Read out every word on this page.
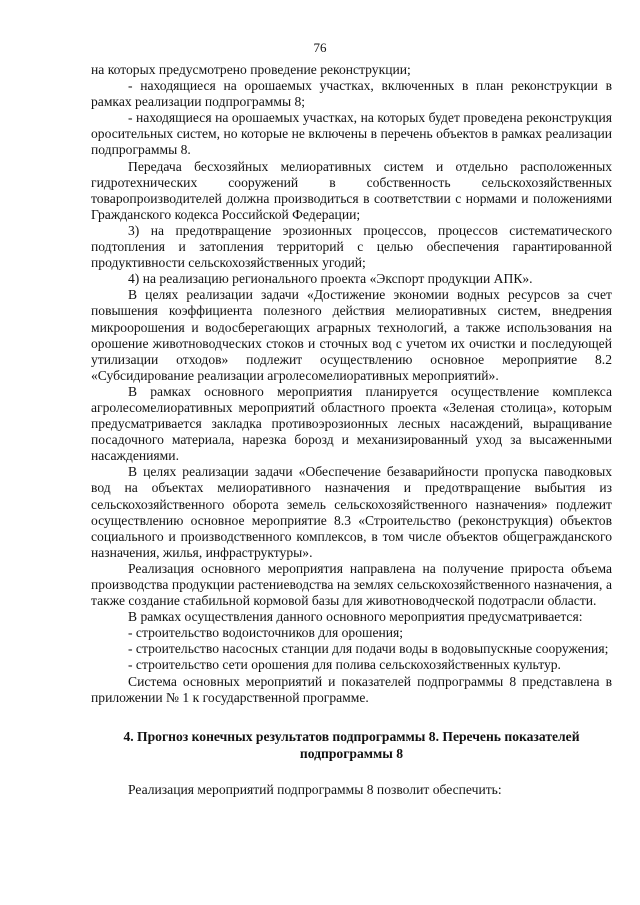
76

на которых предусмотрено проведение реконструкции;

- находящиеся на орошаемых участках, включенных в план реконструкции в рамках реализации подпрограммы 8;

- находящиеся на орошаемых участках, на которых будет проведена реконструкция оросительных систем, но которые не включены в перечень объектов в рамках реализации подпрограммы 8.

Передача бесхозяйных мелиоративных систем и отдельно расположенных гидротехнических сооружений в собственность сельскохозяйственных товаропроизводителей должна производиться в соответствии с нормами и положениями Гражданского кодекса Российской Федерации;

3) на предотвращение эрозионных процессов, процессов систематического подтопления и затопления территорий с целью обеспечения гарантированной продуктивности сельскохозяйственных угодий;

4) на реализацию регионального проекта «Экспорт продукции АПК».

В целях реализации задачи «Достижение экономии водных ресурсов за счет повышения коэффициента полезного действия мелиоративных систем, внедрения микроорошения и водосберегающих аграрных технологий, а также использования на орошение животноводческих стоков и сточных вод с учетом их очистки и последующей утилизации отходов» подлежит осуществлению основное мероприятие 8.2 «Субсидирование реализации агролесомелиоративных мероприятий».

В рамках основного мероприятия планируется осуществление комплекса агролесомелиоративных мероприятий областного проекта «Зеленая столица», которым предусматривается закладка противоэрозионных лесных насаждений, выращивание посадочного материала, нарезка борозд и механизированный уход за высаженными насаждениями.

В целях реализации задачи «Обеспечение безаварийности пропуска паводковых вод на объектах мелиоративного назначения и предотвращение выбытия из сельскохозяйственного оборота земель сельскохозяйственного назначения» подлежит осуществлению основное мероприятие 8.3 «Строительство (реконструкция) объектов социального и производственного комплексов, в том числе объектов общегражданского назначения, жилья, инфраструктуры».

Реализация основного мероприятия направлена на получение прироста объема производства продукции растениеводства на землях сельскохозяйственного назначения, а также создание стабильной кормовой базы для животноводческой подотрасли области.

В рамках осуществления данного основного мероприятия предусматривается:

- строительство водоисточников для орошения;

- строительство насосных станции для подачи воды в водовыпускные сооружения;

- строительство сети орошения для полива сельскохозяйственных культур.

Система основных мероприятий и показателей подпрограммы 8 представлена в приложении № 1 к государственной программе.

4. Прогноз конечных результатов подпрограммы 8. Перечень показателей подпрограммы 8

Реализация мероприятий подпрограммы 8 позволит обеспечить:
